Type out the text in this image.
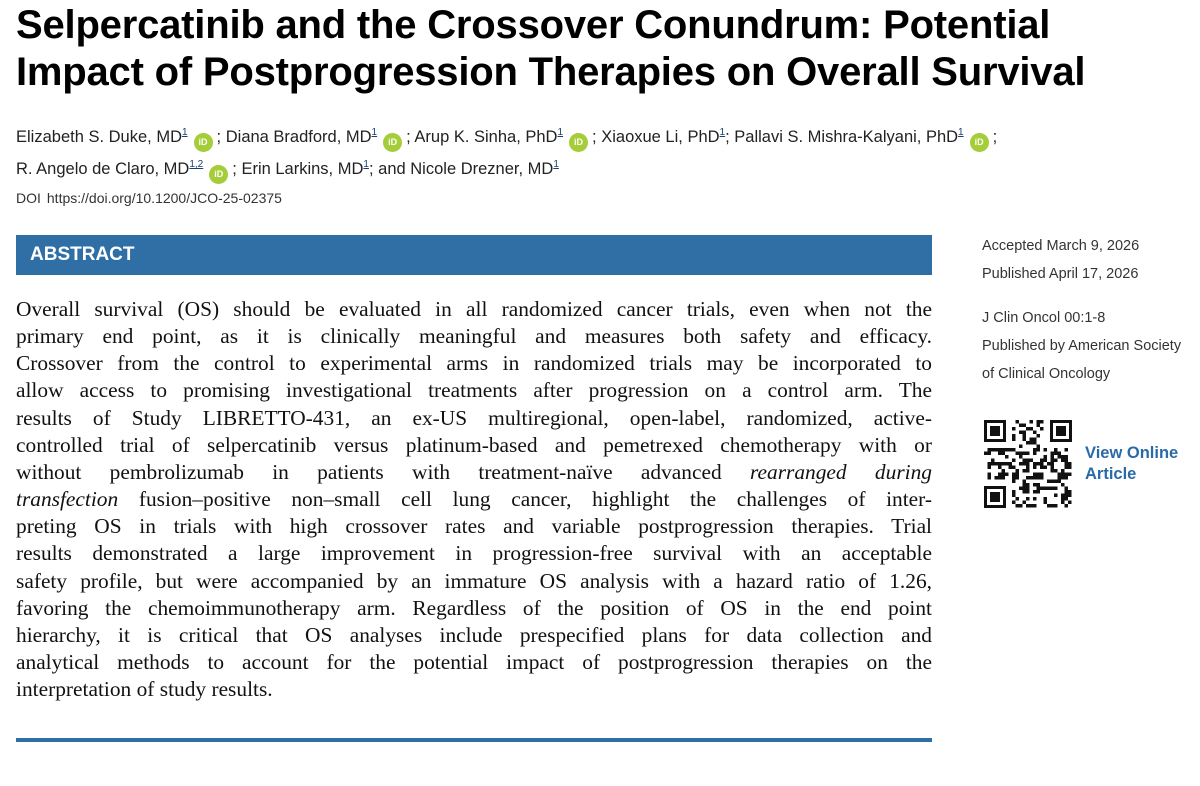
Selpercatinib and the Crossover Conundrum: Potential
Impact of Postprogression Therapies on Overall Survival
Elizabeth S. Duke, $MD^1iD$ ; Diana Bradford, $MD^1iD$ ; Arup K. Sinha, PhD$^1$iD ; Xiaoxue Li, PhD$^1$; Pallavi S. Mishra-Kalyani, PhD$^1$iD ;
R. Angelo de Claro, MD$^{1,2}$iD ; Erin Larkins, $MD^1$; and Nicole Drezner, $MD^1$
DOI https://doi.org/10.1200/JCO-25-02375
ABSTRACT
Overall survival (OS) should be evaluated in all randomized cancer trials, even when not the
primary end point, as it is clinically meaningful and measures both safety and efficacy.
Crossover from the control to experimental arms in randomized trials may be incorporated to
allow access to promising investigational treatments after progression on a control arm. The
results of Study LIBRETTO-431, an ex-US multiregional, open-label, randomized, active-
controlled trial of selpercatinib versus platinum-based and pemetrexed chemotherapy with or
without pembrolizumab in patients with treatment-naïve advanced rearranged during
transfection fusion–positive non–small cell lung cancer, highlight the challenges of inter-
preting OS in trials with high crossover rates and variable postprogression therapies. Trial
results demonstrated a large improvement in progression-free survival with an acceptable
safety profile, but were accompanied by an immature OS analysis with a hazard ratio of 1.26,
favoring the chemoimmunotherapy arm. Regardless of the position of OS in the end point
hierarchy, it is critical that OS analyses include prespecified plans for data collection and
analytical methods to account for the potential impact of postprogression therapies on the
interpretation of study results.
Accepted March 9, 2026
Published April 17, 2026
J Clin Oncol 00:1-8
Published by American Society
of Clinical Oncology
View Online
Article
